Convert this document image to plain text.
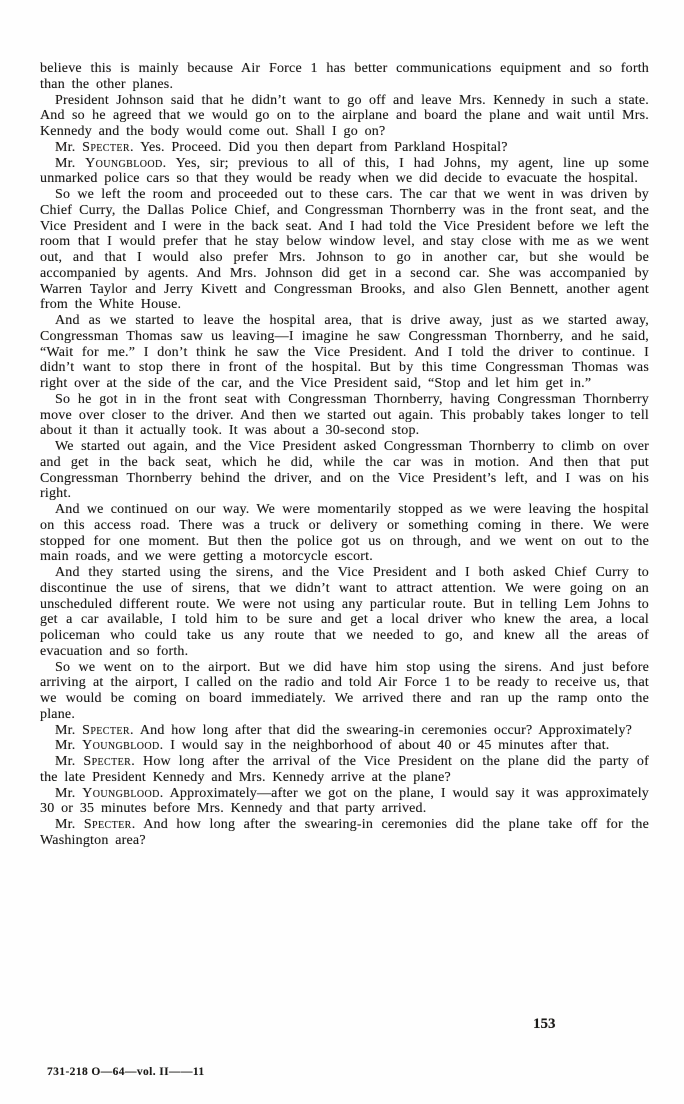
believe this is mainly because Air Force 1 has better communications equipment and so forth than the other planes.

President Johnson said that he didn’t want to go off and leave Mrs. Kennedy in such a state. And so he agreed that we would go on to the airplane and board the plane and wait until Mrs. Kennedy and the body would come out. Shall I go on?

Mr. Specter. Yes. Proceed. Did you then depart from Parkland Hospital?

Mr. Youngblood. Yes, sir; previous to all of this, I had Johns, my agent, line up some unmarked police cars so that they would be ready when we did decide to evacuate the hospital.

So we left the room and proceeded out to these cars. The car that we went in was driven by Chief Curry, the Dallas Police Chief, and Congressman Thornberry was in the front seat, and the Vice President and I were in the back seat. And I had told the Vice President before we left the room that I would prefer that he stay below window level, and stay close with me as we went out, and that I would also prefer Mrs. Johnson to go in another car, but she would be accompanied by agents. And Mrs. Johnson did get in a second car. She was accompanied by Warren Taylor and Jerry Kivett and Congressman Brooks, and also Glen Bennett, another agent from the White House.

And as we started to leave the hospital area, that is drive away, just as we started away, Congressman Thomas saw us leaving—I imagine he saw Congressman Thornberry, and he said, “Wait for me.” I don’t think he saw the Vice President. And I told the driver to continue. I didn’t want to stop there in front of the hospital. But by this time Congressman Thomas was right over at the side of the car, and the Vice President said, “Stop and let him get in.”

So he got in in the front seat with Congressman Thornberry, having Congressman Thornberry move over closer to the driver. And then we started out again. This probably takes longer to tell about it than it actually took. It was about a 30-second stop.

We started out again, and the Vice President asked Congressman Thornberry to climb on over and get in the back seat, which he did, while the car was in motion. And then that put Congressman Thornberry behind the driver, and on the Vice President’s left, and I was on his right.

And we continued on our way. We were momentarily stopped as we were leaving the hospital on this access road. There was a truck or delivery or something coming in there. We were stopped for one moment. But then the police got us on through, and we went on out to the main roads, and we were getting a motorcycle escort.

And they started using the sirens, and the Vice President and I both asked Chief Curry to discontinue the use of sirens, that we didn’t want to attract attention. We were going on an unscheduled different route. We were not using any particular route. But in telling Lem Johns to get a car available, I told him to be sure and get a local driver who knew the area, a local policeman who could take us any route that we needed to go, and knew all the areas of evacuation and so forth.

So we went on to the airport. But we did have him stop using the sirens. And just before arriving at the airport, I called on the radio and told Air Force 1 to be ready to receive us, that we would be coming on board immediately. We arrived there and ran up the ramp onto the plane.

Mr. Specter. And how long after that did the swearing-in ceremonies occur? Approximately?

Mr. Youngblood. I would say in the neighborhood of about 40 or 45 minutes after that.

Mr. Specter. How long after the arrival of the Vice President on the plane did the party of the late President Kennedy and Mrs. Kennedy arrive at the plane?

Mr. Youngblood. Approximately—after we got on the plane, I would say it was approximately 30 or 35 minutes before Mrs. Kennedy and that party arrived.

Mr. Specter. And how long after the swearing-in ceremonies did the plane take off for the Washington area?

153
731-218 O—64—vol. II——11
